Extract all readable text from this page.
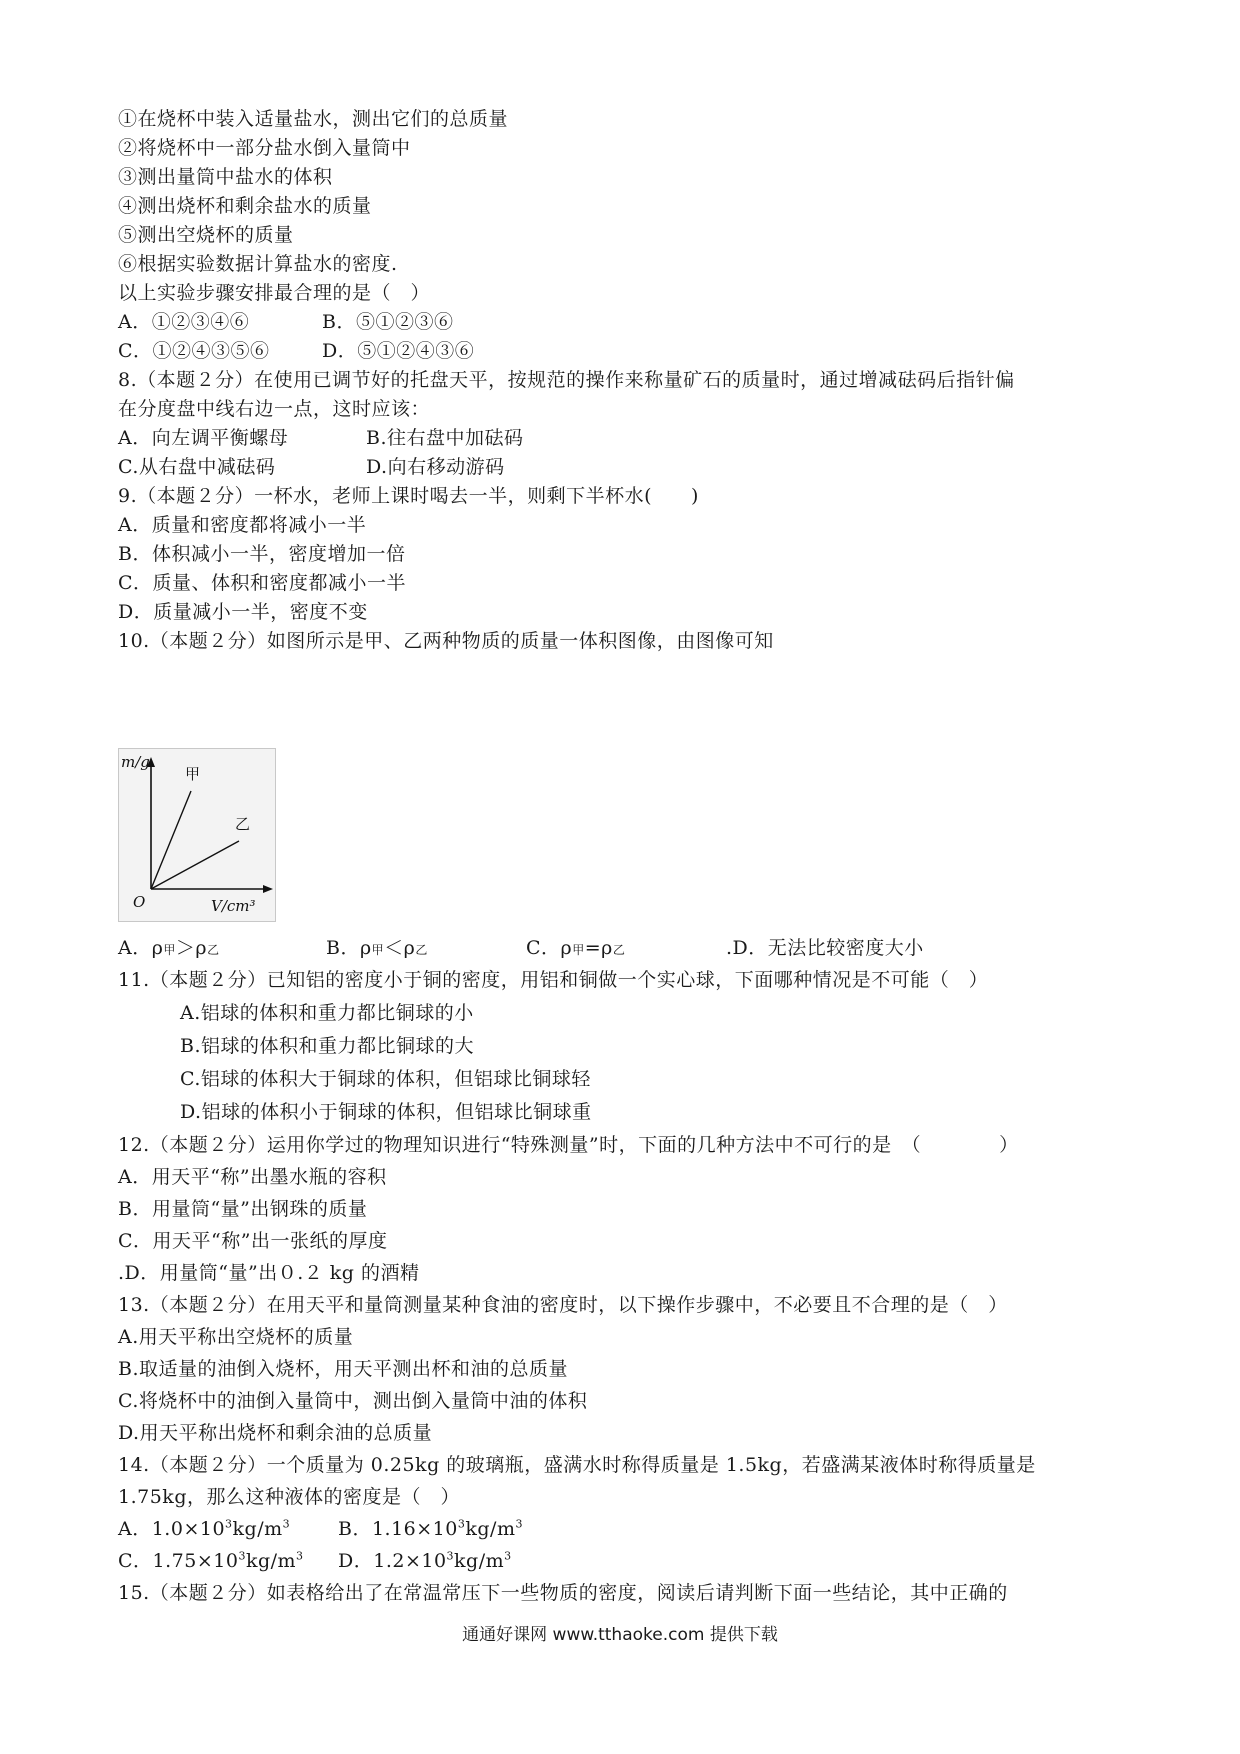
①在烧杯中装入适量盐水，测出它们的总质量
②将烧杯中一部分盐水倒入量筒中
③测出量筒中盐水的体积
④测出烧杯和剩余盐水的质量
⑤测出空烧杯的质量
⑥根据实验数据计算盐水的密度.
以上实验步骤安排最合理的是（　）
A．①②③④⑥	B．⑤①②③⑥
C．①②④③⑤⑥	D．⑤①②④③⑥
8.（本题２分）在使用已调节好的托盘天平，按规范的操作来称量矿石的质量时，通过增减砝码后指针偏
在分度盘中线右边一点，这时应该：
A．向左调平衡螺母	B.往右盘中加砝码
C.从右盘中减砝码	D.向右移动游码
9.（本题２分）一杯水，老师上课时喝去一半，则剩下半杯水(　　)
A．质量和密度都将减小一半
B．体积减小一半，密度增加一倍
C．质量、体积和密度都减小一半
D．质量减小一半，密度不变
10.（本题２分）如图所示是甲、乙两种物质的质量一体积图像，由图像可知
m/g
V/cm³
O
甲
乙
A．ρ甲＞ρ乙	B．ρ甲＜ρ乙	C．ρ甲=ρ乙	.D．无法比较密度大小
11.（本题２分）已知铝的密度小于铜的密度，用铝和铜做一个实心球，下面哪种情况是不可能（　）
A.铝球的体积和重力都比铜球的小
B.铝球的体积和重力都比铜球的大
C.铝球的体积大于铜球的体积，但铝球比铜球轻
D.铝球的体积小于铜球的体积，但铝球比铜球重
12.（本题２分）运用你学过的物理知识进行“特殊测量”时，下面的几种方法中不可行的是　（　　　　）
A．用天平“称”出墨水瓶的容积
B．用量筒“量”出钢珠的质量
C．用天平“称”出一张纸的厚度
.D．用量筒“量”出０.２ kg 的酒精
13.（本题２分）在用天平和量筒测量某种食油的密度时，以下操作步骤中，不必要且不合理的是（　）
A.用天平称出空烧杯的质量
B.取适量的油倒入烧杯，用天平测出杯和油的总质量
C.将烧杯中的油倒入量筒中，测出倒入量筒中油的体积
D.用天平称出烧杯和剩余油的总质量
14.（本题２分）一个质量为 0.25kg 的玻璃瓶，盛满水时称得质量是 1.5kg，若盛满某液体时称得质量是
1.75kg，那么这种液体的密度是（　）
A．$1.0\times 10^3kg/m^3$	B．$1.16\times 10^3kg/m^3$
C．$1.75\times 10^3kg/m^3$ D．$1.2\times 10^3kg/m^3$
15.（本题２分）如表格给出了在常温常压下一些物质的密度，阅读后请判断下面一些结论，其中正确的
通通好课网 www.tthaoke.com 提供下载
